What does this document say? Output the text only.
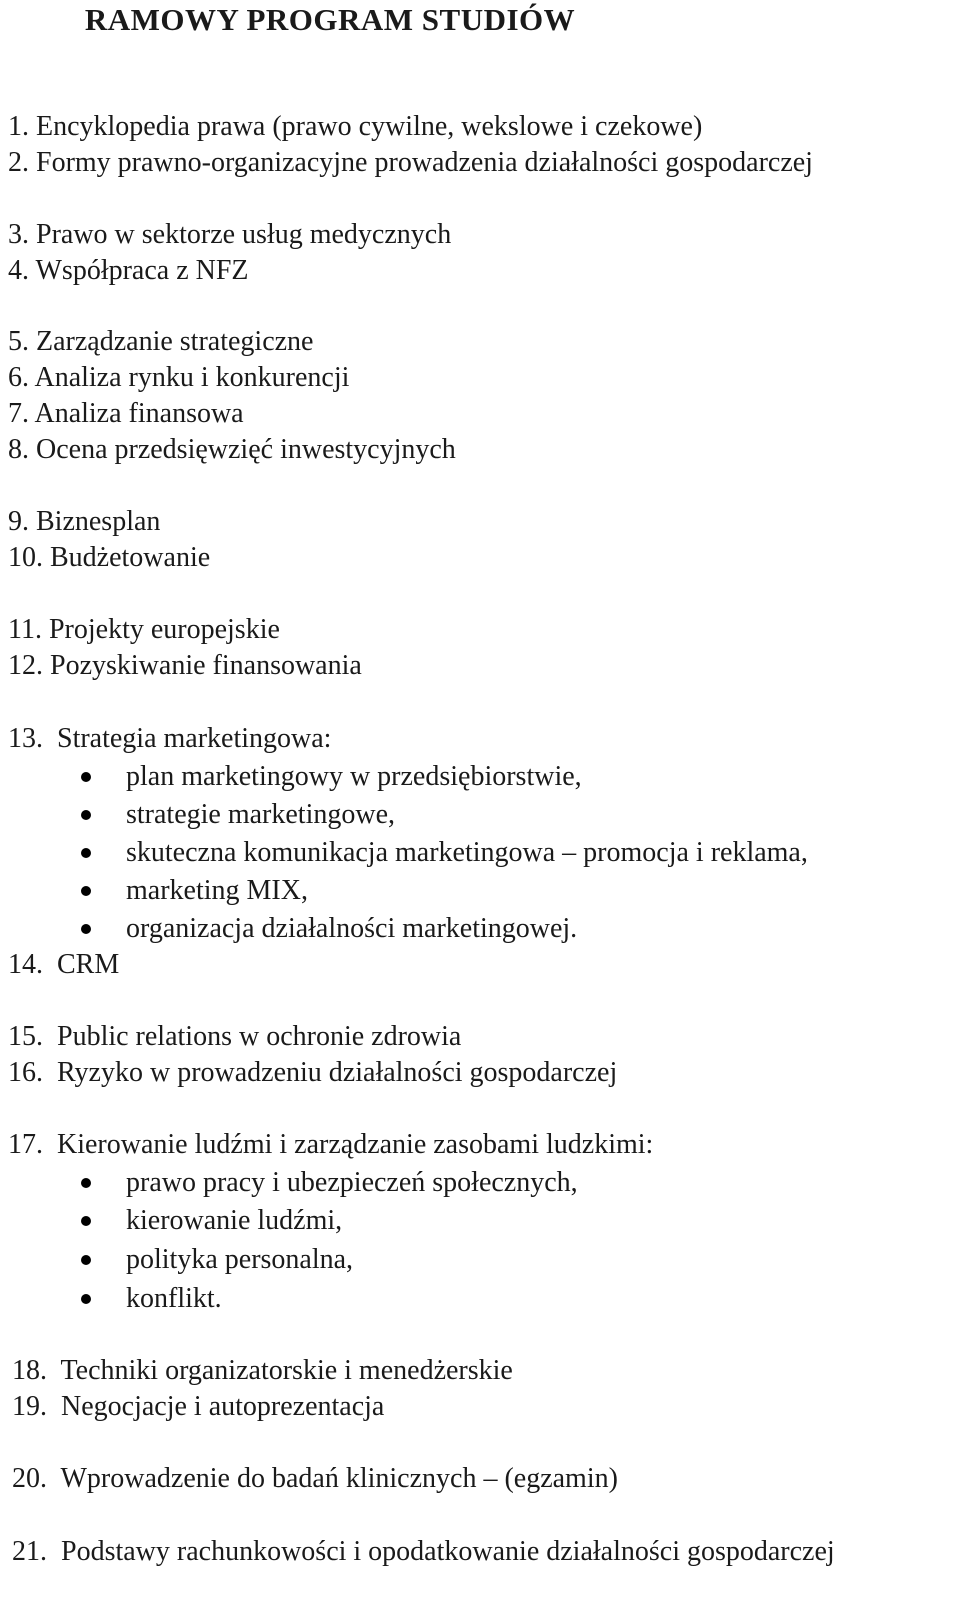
RAMOWY PROGRAM STUDIÓW
1. Encyklopedia prawa (prawo cywilne, wekslowe i czekowe)
2. Formy prawno-organizacyjne prowadzenia działalności gospodarczej
3. Prawo w sektorze usług medycznych
4. Współpraca z NFZ
5. Zarządzanie strategiczne
6. Analiza rynku i konkurencji
7. Analiza finansowa
8. Ocena przedsięwzięć inwestycyjnych
9. Biznesplan
10. Budżetowanie
11. Projekty europejskie
12. Pozyskiwanie finansowania
13. Strategia marketingowa:
plan marketingowy w przedsiębiorstwie,
strategie marketingowe,
skuteczna komunikacja marketingowa – promocja i reklama,
marketing MIX,
organizacja działalności marketingowej.
14. CRM
15. Public relations w ochronie zdrowia
16. Ryzyko w prowadzeniu działalności gospodarczej
17. Kierowanie ludźmi i zarządzanie zasobami ludzkimi:
prawo pracy i ubezpieczeń społecznych,
kierowanie ludźmi,
polityka personalna,
konflikt.
18. Techniki organizatorskie i menedżerskie
19. Negocjacje i autoprezentacja
20. Wprowadzenie do badań klinicznych – (egzamin)
21. Podstawy rachunkowości i opodatkowanie działalności gospodarczej
